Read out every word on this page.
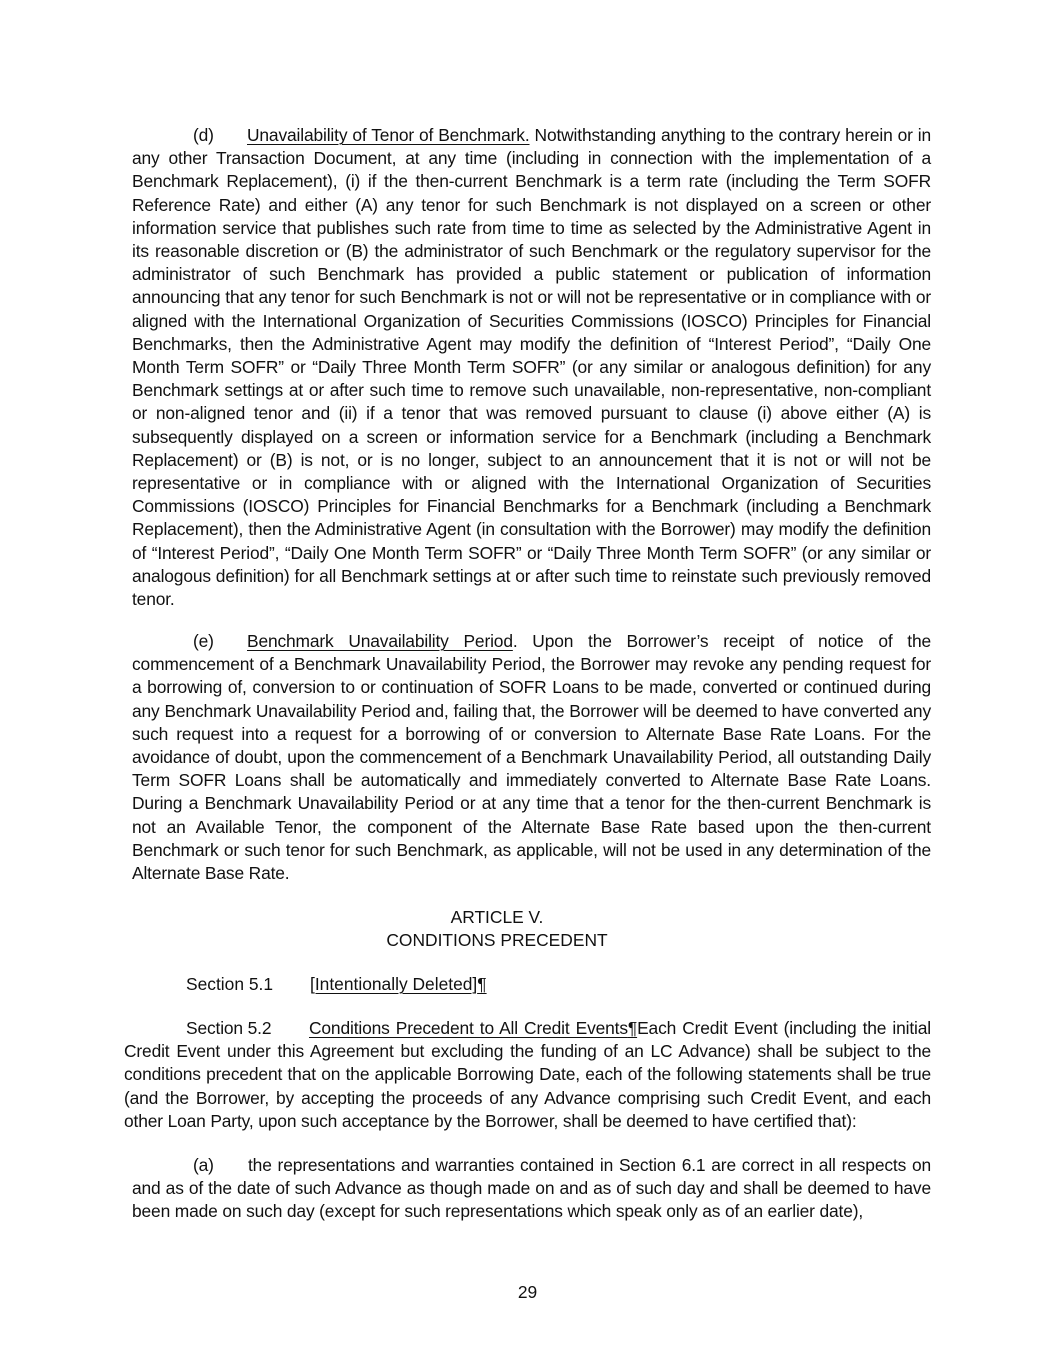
(d) Unavailability of Tenor of Benchmark. Notwithstanding anything to the contrary herein or in any other Transaction Document, at any time (including in connection with the implementation of a Benchmark Replacement), (i) if the then-current Benchmark is a term rate (including the Term SOFR Reference Rate) and either (A) any tenor for such Benchmark is not displayed on a screen or other information service that publishes such rate from time to time as selected by the Administrative Agent in its reasonable discretion or (B) the administrator of such Benchmark or the regulatory supervisor for the administrator of such Benchmark has provided a public statement or publication of information announcing that any tenor for such Benchmark is not or will not be representative or in compliance with or aligned with the International Organization of Securities Commissions (IOSCO) Principles for Financial Benchmarks, then the Administrative Agent may modify the definition of “Interest Period”, “Daily One Month Term SOFR” or “Daily Three Month Term SOFR” (or any similar or analogous definition) for any Benchmark settings at or after such time to remove such unavailable, non-representative, non-compliant or non-aligned tenor and (ii) if a tenor that was removed pursuant to clause (i) above either (A) is subsequently displayed on a screen or information service for a Benchmark (including a Benchmark Replacement) or (B) is not, or is no longer, subject to an announcement that it is not or will not be representative or in compliance with or aligned with the International Organization of Securities Commissions (IOSCO) Principles for Financial Benchmarks for a Benchmark (including a Benchmark Replacement), then the Administrative Agent (in consultation with the Borrower) may modify the definition of “Interest Period”, “Daily One Month Term SOFR” or “Daily Three Month Term SOFR” (or any similar or analogous definition) for all Benchmark settings at or after such time to reinstate such previously removed tenor.

(e) Benchmark Unavailability Period. Upon the Borrower’s receipt of notice of the commencement of a Benchmark Unavailability Period, the Borrower may revoke any pending request for a borrowing of, conversion to or continuation of SOFR Loans to be made, converted or continued during any Benchmark Unavailability Period and, failing that, the Borrower will be deemed to have converted any such request into a request for a borrowing of or conversion to Alternate Base Rate Loans. For the avoidance of doubt, upon the commencement of a Benchmark Unavailability Period, all outstanding Daily Term SOFR Loans shall be automatically and immediately converted to Alternate Base Rate Loans. During a Benchmark Unavailability Period or at any time that a tenor for the then-current Benchmark is not an Available Tenor, the component of the Alternate Base Rate based upon the then-current Benchmark or such tenor for such Benchmark, as applicable, will not be used in any determination of the Alternate Base Rate.

ARTICLE V.
CONDITIONS PRECEDENT
Section 5.1 [Intentionally Deleted]¶

Section 5.2 Conditions Precedent to All Credit Events¶Each Credit Event (including the initial Credit Event under this Agreement but excluding the funding of an LC Advance) shall be subject to the conditions precedent that on the applicable Borrowing Date, each of the following statements shall be true (and the Borrower, by accepting the proceeds of any Advance comprising such Credit Event, and each other Loan Party, upon such acceptance by the Borrower, shall be deemed to have certified that):

(a) the representations and warranties contained in Section 6.1 are correct in all respects on and as of the date of such Advance as though made on and as of such day and shall be deemed to have been made on such day (except for such representations which speak only as of an earlier date),

29
